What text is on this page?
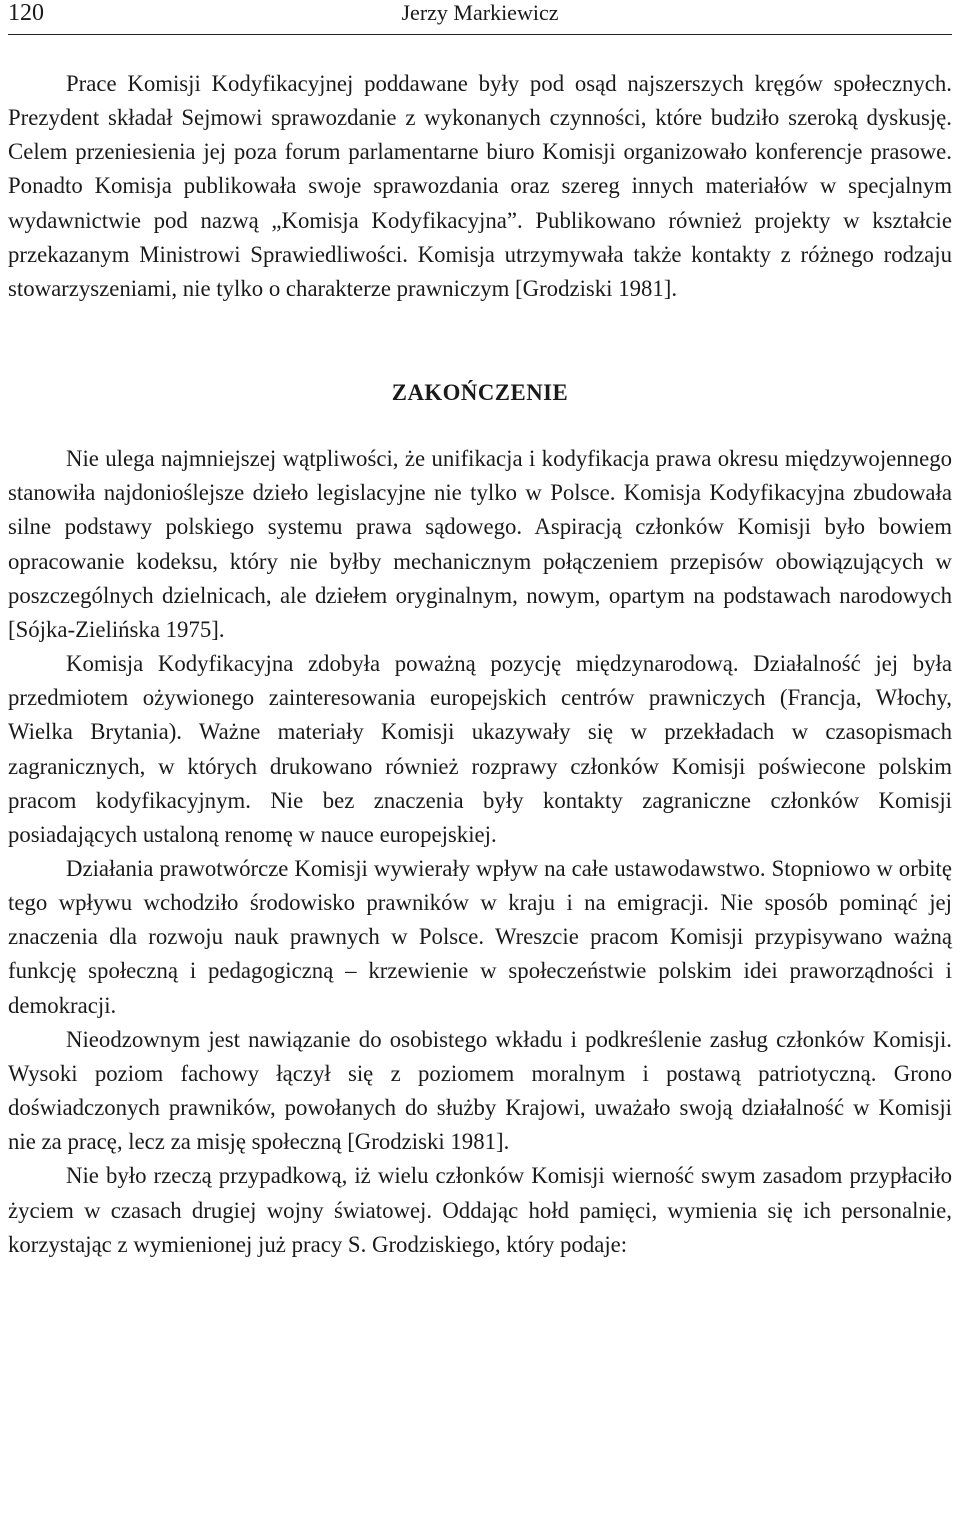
120	Jerzy Markiewicz

Prace Komisji Kodyfikacyjnej poddawane były pod osąd najszerszych kręgów społecznych. Prezydent składał Sejmowi sprawozdanie z wykonanych czynności, które budziło szeroką dyskusję. Celem przeniesienia jej poza forum parlamentarne biuro Komisji organizowało konferencje prasowe. Ponadto Komisja publikowała swoje sprawozdania oraz szereg innych materiałów w specjalnym wydawnictwie pod nazwą „Komisja Kodyfikacyjna”. Publikowano również projekty w kształcie przekazanym Ministrowi Sprawiedliwości. Komisja utrzymywała także kontakty z różnego rodzaju stowarzyszeniami, nie tylko o charakterze prawniczym [Grodziski 1981].

ZAKOŃCZENIE

Nie ulega najmniejszej wątpliwości, że unifikacja i kodyfikacja prawa okresu międzywojennego stanowiła najdonioślejsze dzieło legislacyjne nie tylko w Polsce. Komisja Kodyfikacyjna zbudowała silne podstawy polskiego systemu prawa sądowego. Aspiracją członków Komisji było bowiem opracowanie kodeksu, który nie byłby mechanicznym połączeniem przepisów obowiązujących w poszczególnych dzielnicach, ale dziełem oryginalnym, nowym, opartym na podstawach narodowych [Sójka-Zielińska 1975].

Komisja Kodyfikacyjna zdobyła poważną pozycję międzynarodową. Działalność jej była przedmiotem ożywionego zainteresowania europejskich centrów prawniczych (Francja, Włochy, Wielka Brytania). Ważne materiały Komisji ukazywały się w przekładach w czasopismach zagranicznych, w których drukowano również rozprawy członków Komisji poświecone polskim pracom kodyfikacyjnym. Nie bez znaczenia były kontakty zagraniczne członków Komisji posiadających ustaloną renomę w nauce europejskiej.

Działania prawotwórcze Komisji wywierały wpływ na całe ustawodawstwo. Stopniowo w orbitę tego wpływu wchodziło środowisko prawników w kraju i na emigracji. Nie sposób pominąć jej znaczenia dla rozwoju nauk prawnych w Polsce. Wreszcie pracom Komisji przypisywano ważną funkcję społeczną i pedagogiczną – krzewienie w społeczeństwie polskim idei praworządności i demokracji.

Nieodzownym jest nawiązanie do osobistego wkładu i podkreślenie zasług członków Komisji. Wysoki poziom fachowy łączył się z poziomem moralnym i postawą patriotyczną. Grono doświadczonych prawników, powołanych do służby Krajowi, uważało swoją działalność w Komisji nie za pracę, lecz za misję społeczną [Grodziski 1981].

Nie było rzeczą przypadkową, iż wielu członków Komisji wierność swym zasadom przypłaciło życiem w czasach drugiej wojny światowej. Oddając hołd pamięci, wymienia się ich personalnie, korzystając z wymienionej już pracy S. Grodziskiego, który podaje:
